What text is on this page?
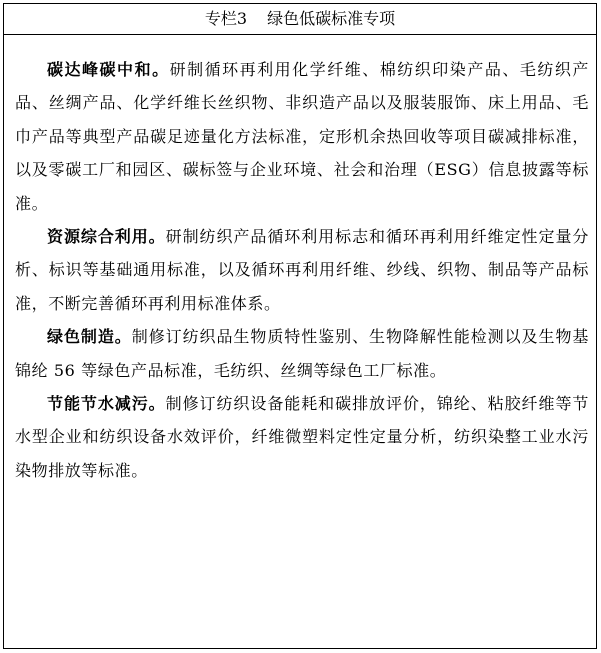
专栏3 绿色低碳标准专项

碳达峰碳中和。研制循环再利用化学纤维、棉纺织印染产品、毛纺织产品、丝绸产品、化学纤维长丝织物、非织造产品以及服装服饰、床上用品、毛巾产品等典型产品碳足迹量化方法标准，定形机余热回收等项目碳减排标准，以及零碳工厂和园区、碳标签与企业环境、社会和治理（ESG）信息披露等标准。

资源综合利用。研制纺织产品循环利用标志和循环再利用纤维定性定量分析、标识等基础通用标准，以及循环再利用纤维、纱线、织物、制品等产品标准，不断完善循环再利用标准体系。

绿色制造。制修订纺织品生物质特性鉴别、生物降解性能检测以及生物基锦纶 56 等绿色产品标准，毛纺织、丝绸等绿色工厂标准。

节能节水减污。制修订纺织设备能耗和碳排放评价，锦纶、粘胶纤维等节水型企业和纺织设备水效评价，纤维微塑料定性定量分析，纺织染整工业水污染物排放等标准。
